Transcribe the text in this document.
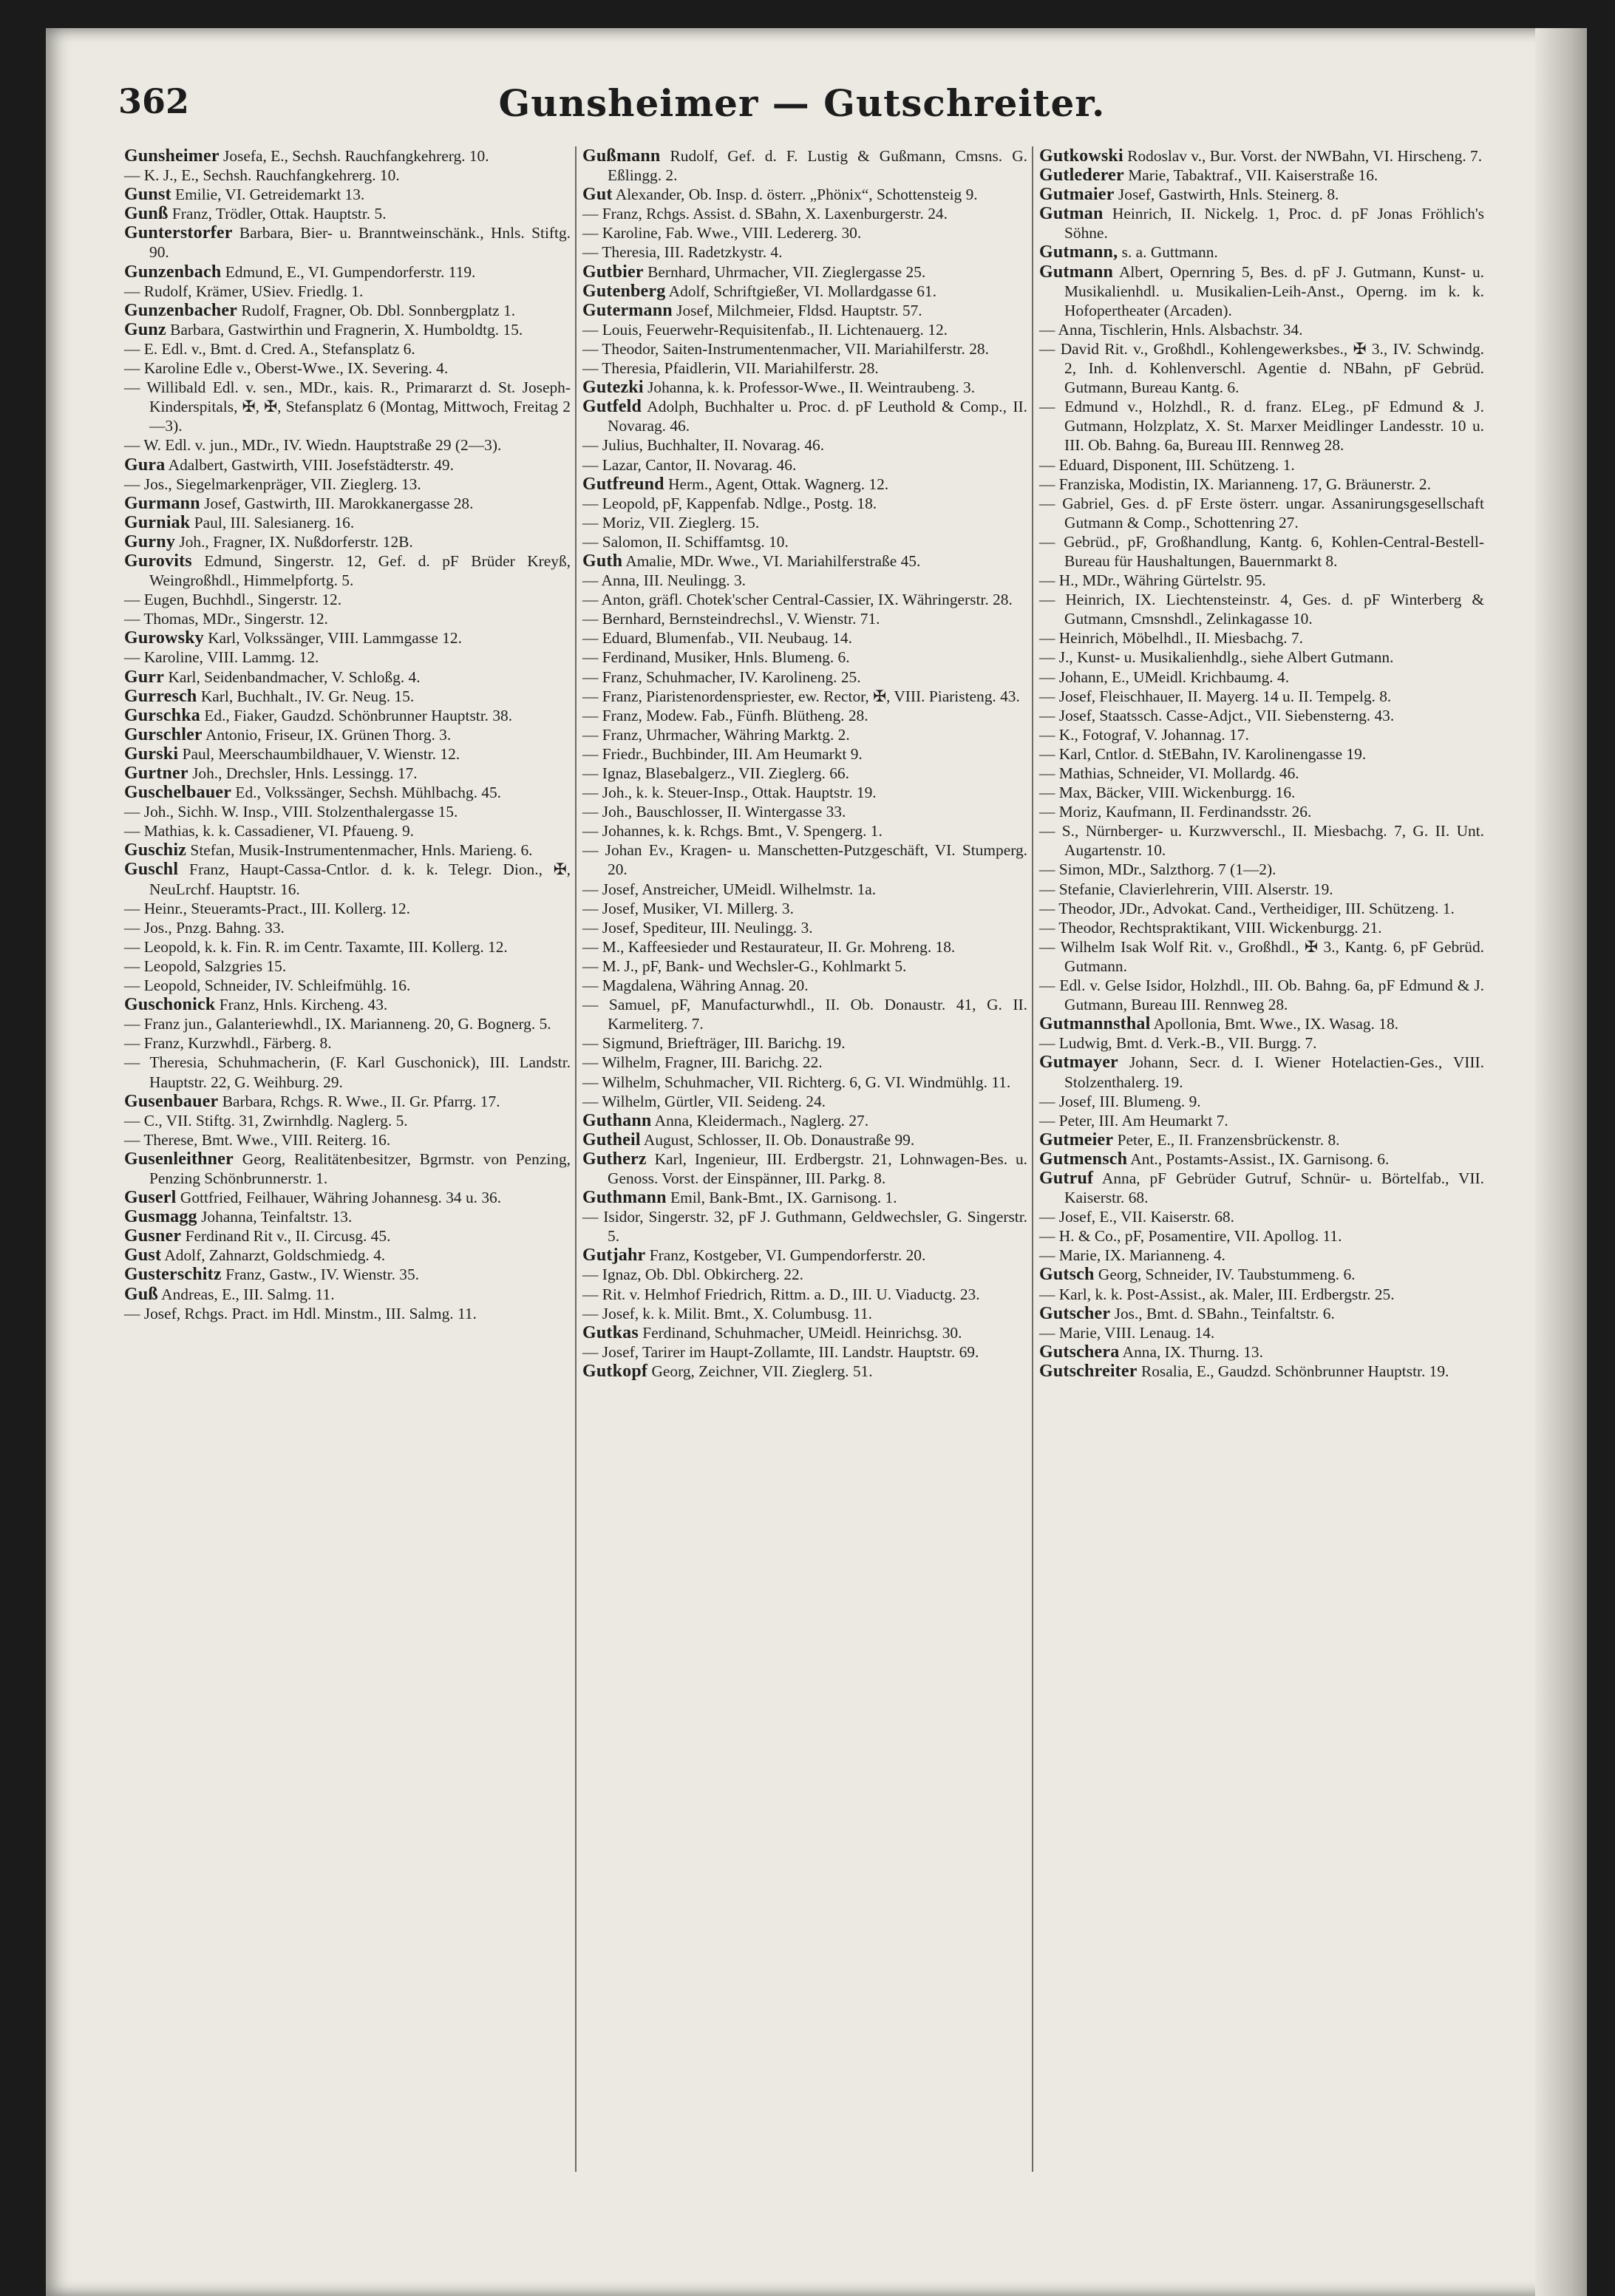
362	Gunsheimer — Gutschreiter.

Gunsheimer Josefa, E., Sechsh. Rauchfangkehrerg. 10.

— K. J., E., Sechsh. Rauchfangkehrerg. 10.

Gunst Emilie, VI. Getreidemarkt 13.

Gunß Franz, Trödler, Ottak. Hauptstr. 5.

Gunterstorfer Barbara, Bier- u. Branntweinschänk., Hnls. Stiftg. 90.

Gunzenbach Edmund, E., VI. Gumpendorferstr. 119.

— Rudolf, Krämer, USiev. Friedlg. 1.

Gunzenbacher Rudolf, Fragner, Ob. Dbl. Sonnbergplatz 1.

Gunz Barbara, Gastwirthin und Fragnerin, X. Humboldtg. 15.

— E. Edl. v., Bmt. d. Cred. A., Stefansplatz 6.

— Karoline Edle v., Oberst-Wwe., IX. Severing. 4.

— Willibald Edl. v. sen., MDr., kais. R., Primararzt d. St. Joseph-Kinderspitals, ✠, ✠, Stefansplatz 6 (Montag, Mittwoch, Freitag 2—3).

— W. Edl. v. jun., MDr., IV. Wiedn. Hauptstraße 29 (2—3).

Gura Adalbert, Gastwirth, VIII. Josefstädterstr. 49.

— Jos., Siegelmarkenpräger, VII. Zieglerg. 13.

Gurmann Josef, Gastwirth, III. Marokkanergasse 28.

Gurniak Paul, III. Salesianerg. 16.

Gurny Joh., Fragner, IX. Nußdorferstr. 12B.

Gurovits Edmund, Singerstr. 12, Gef. d. pF Brüder Kreyß, Weingroßhdl., Himmelpfortg. 5.

— Eugen, Buchhdl., Singerstr. 12.

— Thomas, MDr., Singerstr. 12.

Gurowsky Karl, Volkssänger, VIII. Lammgasse 12.

— Karoline, VIII. Lammg. 12.

Gurr Karl, Seidenbandmacher, V. Schloßg. 4.

Gurresch Karl, Buchhalt., IV. Gr. Neug. 15.

Gurschka Ed., Fiaker, Gaudzd. Schönbrunner Hauptstr. 38.

Gurschler Antonio, Friseur, IX. Grünen Thorg. 3.

Gurski Paul, Meerschaumbildhauer, V. Wienstr. 12.

Gurtner Joh., Drechsler, Hnls. Lessingg. 17.

Guschelbauer Ed., Volkssänger, Sechsh. Mühlbachg. 45.

— Joh., Sichh. W. Insp., VIII. Stolzenthalergasse 15.

— Mathias, k. k. Cassadiener, VI. Pfaueng. 9.

Guschiz Stefan, Musik-Instrumentenmacher, Hnls. Marieng. 6.

Guschl Franz, Haupt-Cassa-Cntlor. d. k. k. Telegr. Dion., ✠, NeuLrchf. Hauptstr. 16.

— Heinr., Steueramts-Pract., III. Kollerg. 12.

— Jos., Pnzg. Bahng. 33.

— Leopold, k. k. Fin. R. im Centr. Taxamte, III. Kollerg. 12.

— Leopold, Salzgries 15.

— Leopold, Schneider, IV. Schleifmühlg. 16.

Guschonick Franz, Hnls. Kircheng. 43.

— Franz jun., Galanteriewhdl., IX. Marianneng. 20, G. Bognerg. 5.

— Franz, Kurzwhdl., Färberg. 8.

— Theresia, Schuhmacherin, (F. Karl Guschonick), III. Landstr. Hauptstr. 22, G. Weihburg. 29.

Gusenbauer Barbara, Rchgs. R. Wwe., II. Gr. Pfarrg. 17.

— C., VII. Stiftg. 31, Zwirnhdlg. Naglerg. 5.

— Therese, Bmt. Wwe., VIII. Reiterg. 16.

Gusenleithner Georg, Realitätenbesitzer, Bgrmstr. von Penzing, Penzing Schönbrunnerstr. 1.

Guserl Gottfried, Feilhauer, Währing Johannesg. 34 u. 36.

Gusmagg Johanna, Teinfaltstr. 13.

Gusner Ferdinand Rit v., II. Circusg. 45.

Gust Adolf, Zahnarzt, Goldschmiedg. 4.

Gusterschitz Franz, Gastw., IV. Wienstr. 35.

Guß Andreas, E., III. Salmg. 11.

— Josef, Rchgs. Pract. im Hdl. Minstm., III. Salmg. 11.

Gußmann Rudolf, Gef. d. F. Lustig & Gußmann, Cmsns. G. Eßlingg. 2.

Gut Alexander, Ob. Insp. d. österr. „Phönix“, Schottensteig 9.

— Franz, Rchgs. Assist. d. SBahn, X. Laxenburgerstr. 24.

— Karoline, Fab. Wwe., VIII. Ledererg. 30.

— Theresia, III. Radetzkystr. 4.

Gutbier Bernhard, Uhrmacher, VII. Zieglergasse 25.

Gutenberg Adolf, Schriftgießer, VI. Mollardgasse 61.

Gutermann Josef, Milchmeier, Fldsd. Hauptstr. 57.

— Louis, Feuerwehr-Requisitenfab., II. Lichtenauerg. 12.

— Theodor, Saiten-Instrumentenmacher, VII. Mariahilferstr. 28.

— Theresia, Pfaidlerin, VII. Mariahilferstr. 28.

Gutezki Johanna, k. k. Professor-Wwe., II. Weintraubeng. 3.

Gutfeld Adolph, Buchhalter u. Proc. d. pF Leuthold & Comp., II. Novarag. 46.

— Julius, Buchhalter, II. Novarag. 46.

— Lazar, Cantor, II. Novarag. 46.

Gutfreund Herm., Agent, Ottak. Wagnerg. 12.

— Leopold, pF, Kappenfab. Ndlge., Postg. 18.

— Moriz, VII. Zieglerg. 15.

— Salomon, II. Schiffamtsg. 10.

Guth Amalie, MDr. Wwe., VI. Mariahilferstraße 45.

— Anna, III. Neulingg. 3.

— Anton, gräfl. Chotek'scher Central-Cassier, IX. Währingerstr. 28.

— Bernhard, Bernsteindrechsl., V. Wienstr. 71.

— Eduard, Blumenfab., VII. Neubaug. 14.

— Ferdinand, Musiker, Hnls. Blumeng. 6.

— Franz, Schuhmacher, IV. Karolineng. 25.

— Franz, Piaristenordenspriester, ew. Rector, ✠, VIII. Piaristeng. 43.

— Franz, Modew. Fab., Fünfh. Blütheng. 28.

— Franz, Uhrmacher, Währing Marktg. 2.

— Friedr., Buchbinder, III. Am Heumarkt 9.

— Ignaz, Blasebalgerz., VII. Zieglerg. 66.

— Joh., k. k. Steuer-Insp., Ottak. Hauptstr. 19.

— Joh., Bauschlosser, II. Wintergasse 33.

— Johannes, k. k. Rchgs. Bmt., V. Spengerg. 1.

— Johan Ev., Kragen- u. Manschetten-Putzgeschäft, VI. Stumperg. 20.

— Josef, Anstreicher, UMeidl. Wilhelmstr. 1a.

— Josef, Musiker, VI. Millerg. 3.

— Josef, Spediteur, III. Neulingg. 3.

— M., Kaffeesieder und Restaurateur, II. Gr. Mohreng. 18.

— M. J., pF, Bank- und Wechsler-G., Kohlmarkt 5.

— Magdalena, Währing Annag. 20.

— Samuel, pF, Manufacturwhdl., II. Ob. Donaustr. 41, G. II. Karmeliterg. 7.

— Sigmund, Briefträger, III. Barichg. 19.

— Wilhelm, Fragner, III. Barichg. 22.

— Wilhelm, Schuhmacher, VII. Richterg. 6, G. VI. Windmühlg. 11.

— Wilhelm, Gürtler, VII. Seideng. 24.

Guthann Anna, Kleidermach., Naglerg. 27.

Gutheil August, Schlosser, II. Ob. Donaustraße 99.

Gutherz Karl, Ingenieur, III. Erdbergstr. 21, Lohnwagen-Bes. u. Genoss. Vorst. der Einspänner, III. Parkg. 8.

Guthmann Emil, Bank-Bmt., IX. Garnisong. 1.

— Isidor, Singerstr. 32, pF J. Guthmann, Geldwechsler, G. Singerstr. 5.

Gutjahr Franz, Kostgeber, VI. Gumpendorferstr. 20.

— Ignaz, Ob. Dbl. Obkircherg. 22.

— Rit. v. Helmhof Friedrich, Rittm. a. D., III. U. Viaductg. 23.

— Josef, k. k. Milit. Bmt., X. Columbusg. 11.

Gutkas Ferdinand, Schuhmacher, UMeidl. Heinrichsg. 30.

— Josef, Tarirer im Haupt-Zollamte, III. Landstr. Hauptstr. 69.

Gutkopf Georg, Zeichner, VII. Zieglerg. 51.

Gutkowski Rodoslav v., Bur. Vorst. der NWBahn, VI. Hirscheng. 7.

Gutlederer Marie, Tabaktraf., VII. Kaiserstraße 16.

Gutmaier Josef, Gastwirth, Hnls. Steinerg. 8.

Gutman Heinrich, II. Nickelg. 1, Proc. d. pF Jonas Fröhlich's Söhne.

Gutmann, s. a. Guttmann.

Gutmann Albert, Opernring 5, Bes. d. pF J. Gutmann, Kunst- u. Musikalienhdl. u. Musikalien-Leih-Anst., Operng. im k. k. Hofopertheater (Arcaden).

— Anna, Tischlerin, Hnls. Alsbachstr. 34.

— David Rit. v., Großhdl., Kohlengewerksbes., ✠ 3., IV. Schwindg. 2, Inh. d. Kohlenverschl. Agentie d. NBahn, pF Gebrüd. Gutmann, Bureau Kantg. 6.

— Edmund v., Holzhdl., R. d. franz. ELeg., pF Edmund & J. Gutmann, Holzplatz, X. St. Marxer Meidlinger Landesstr. 10 u. III. Ob. Bahng. 6a, Bureau III. Rennweg 28.

— Eduard, Disponent, III. Schützeng. 1.

— Franziska, Modistin, IX. Marianneng. 17, G. Bräunerstr. 2.

— Gabriel, Ges. d. pF Erste österr. ungar. Assanirungsgesellschaft Gutmann & Comp., Schottenring 27.

— Gebrüd., pF, Großhandlung, Kantg. 6, Kohlen-Central-Bestell-Bureau für Haushaltungen, Bauernmarkt 8.

— H., MDr., Währing Gürtelstr. 95.

— Heinrich, IX. Liechtensteinstr. 4, Ges. d. pF Winterberg & Gutmann, Cmsnshdl., Zelinkagasse 10.

— Heinrich, Möbelhdl., II. Miesbachg. 7.

— J., Kunst- u. Musikalienhdlg., siehe Albert Gutmann.

— Johann, E., UMeidl. Krichbaumg. 4.

— Josef, Fleischhauer, II. Mayerg. 14 u. II. Tempelg. 8.

— Josef, Staatssch. Casse-Adjct., VII. Siebensterng. 43.

— K., Fotograf, V. Johannag. 17.

— Karl, Cntlor. d. StEBahn, IV. Karolinengasse 19.

— Mathias, Schneider, VI. Mollardg. 46.

— Max, Bäcker, VIII. Wickenburgg. 16.

— Moriz, Kaufmann, II. Ferdinandsstr. 26.

— S., Nürnberger- u. Kurzwverschl., II. Miesbachg. 7, G. II. Unt. Augartenstr. 10.

— Simon, MDr., Salzthorg. 7 (1—2).

— Stefanie, Clavierlehrerin, VIII. Alserstr. 19.

— Theodor, JDr., Advokat. Cand., Vertheidiger, III. Schützeng. 1.

— Theodor, Rechtspraktikant, VIII. Wickenburgg. 21.

— Wilhelm Isak Wolf Rit. v., Großhdl., ✠ 3., Kantg. 6, pF Gebrüd. Gutmann.

— Edl. v. Gelse Isidor, Holzhdl., III. Ob. Bahng. 6a, pF Edmund & J. Gutmann, Bureau III. Rennweg 28.

Gutmannsthal Apollonia, Bmt. Wwe., IX. Wasag. 18.

— Ludwig, Bmt. d. Verk.-B., VII. Burgg. 7.

Gutmayer Johann, Secr. d. I. Wiener Hotelactien-Ges., VIII. Stolzenthalerg. 19.

— Josef, III. Blumeng. 9.

— Peter, III. Am Heumarkt 7.

Gutmeier Peter, E., II. Franzensbrückenstr. 8.

Gutmensch Ant., Postamts-Assist., IX. Garnisong. 6.

Gutruf Anna, pF Gebrüder Gutruf, Schnür- u. Börtelfab., VII. Kaiserstr. 68.

— Josef, E., VII. Kaiserstr. 68.

— H. & Co., pF, Posamentire, VII. Apollog. 11.

— Marie, IX. Marianneng. 4.

Gutsch Georg, Schneider, IV. Taubstummeng. 6.

— Karl, k. k. Post-Assist., ak. Maler, III. Erdbergstr. 25.

Gutscher Jos., Bmt. d. SBahn., Teinfaltstr. 6.

— Marie, VIII. Lenaug. 14.

Gutschera Anna, IX. Thurng. 13.

Gutschreiter Rosalia, E., Gaudzd. Schönbrunner Hauptstr. 19.
